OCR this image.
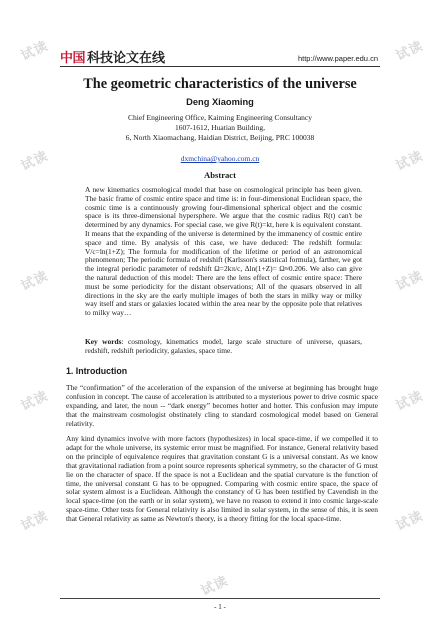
试读	试读
试读	试读
试读	试读
试读	试读
试读	试读
试读
中国 科技论文在线	http://www.paper.edu.cn
The geometric characteristics of the universe
Deng Xiaoming
Chief Engineering Office, Kaiming Engineering Consultancy
1607-1612, Huatian Building,
6, North Xiaomachang, Haidian District, Beijing, PRC 100038
dxmchina@yahoo.com.cn
Abstract
A new kinematics cosmological model that base on cosmological principle has been given. The basic frame of cosmic entire space and time is: in four-dimensional Euclidean space, the cosmic time is a continuously growing four-dimensional spherical object and the cosmic space is its three-dimensional hypersphere. We argue that the cosmic radius R(t) can't be determined by any dynamics. For special case, we give R(t)=kt, here k is equivalent constant. It means that the expanding of the universe is determined by the immanency of cosmic entire space and time. By analysis of this case, we have deduced: The redshift formula: V/c=ln(1+Z); The formula for modification of the lifetime or period of an astronomical phenomenon; The periodic formula of redshift (Karlsson's statistical formula), farther, we got the integral periodic parameter of redshift Ω=2kπ/c, Δln(1+Z)= Ω≈0.206. We also can give the natural deduction of this model: There are the lens effect of cosmic entire space: There must be some periodicity for the distant observations; All of the quasars observed in all directions in the sky are the early multiple images of both the stars in milky way or milky way itself and stars or galaxies located within the area near by the opposite pole that relatives to milky way…
Key words: cosmology, kinematics model, large scale structure of universe, quasars, redshift, redshift periodicity, galaxies, space time.
1. Introduction
The “confirmation” of the acceleration of the expansion of the universe at beginning has brought huge confusion in concept. The cause of acceleration is attributed to a mysterious power to drive cosmic space expanding, and later, the noun -- “dark energy” becomes hotter and hotter. This confusion may impute that the mainstream cosmologist obstinately cling to standard cosmological model based on General relativity.
Any kind dynamics involve with more factors (hypothesizes) in local space-time, if we compelled it to adapt for the whole universe, its systemic error must be magnified. For instance, General relativity based on the principle of equivalence requires that gravitation constant G is a universal constant. As we know that gravitational radiation from a point source represents spherical symmetry, so the character of G must lie on the character of space. If the space is not a Euclidean and the spatial curvature is the function of time, the universal constant G has to be oppugned. Comparing with cosmic entire space, the space of solar system almost is a Euclidean. Although the constancy of G has been testified by Cavendish in the local space-time (on the earth or in solar system), we have no reason to extend it into cosmic large-scale space-time. Other tests for General relativity is also limited in solar system, in the sense of this, it is seen that General relativity as same as Newton's theory, is a theory fitting for the local space-time.
- 1 -
